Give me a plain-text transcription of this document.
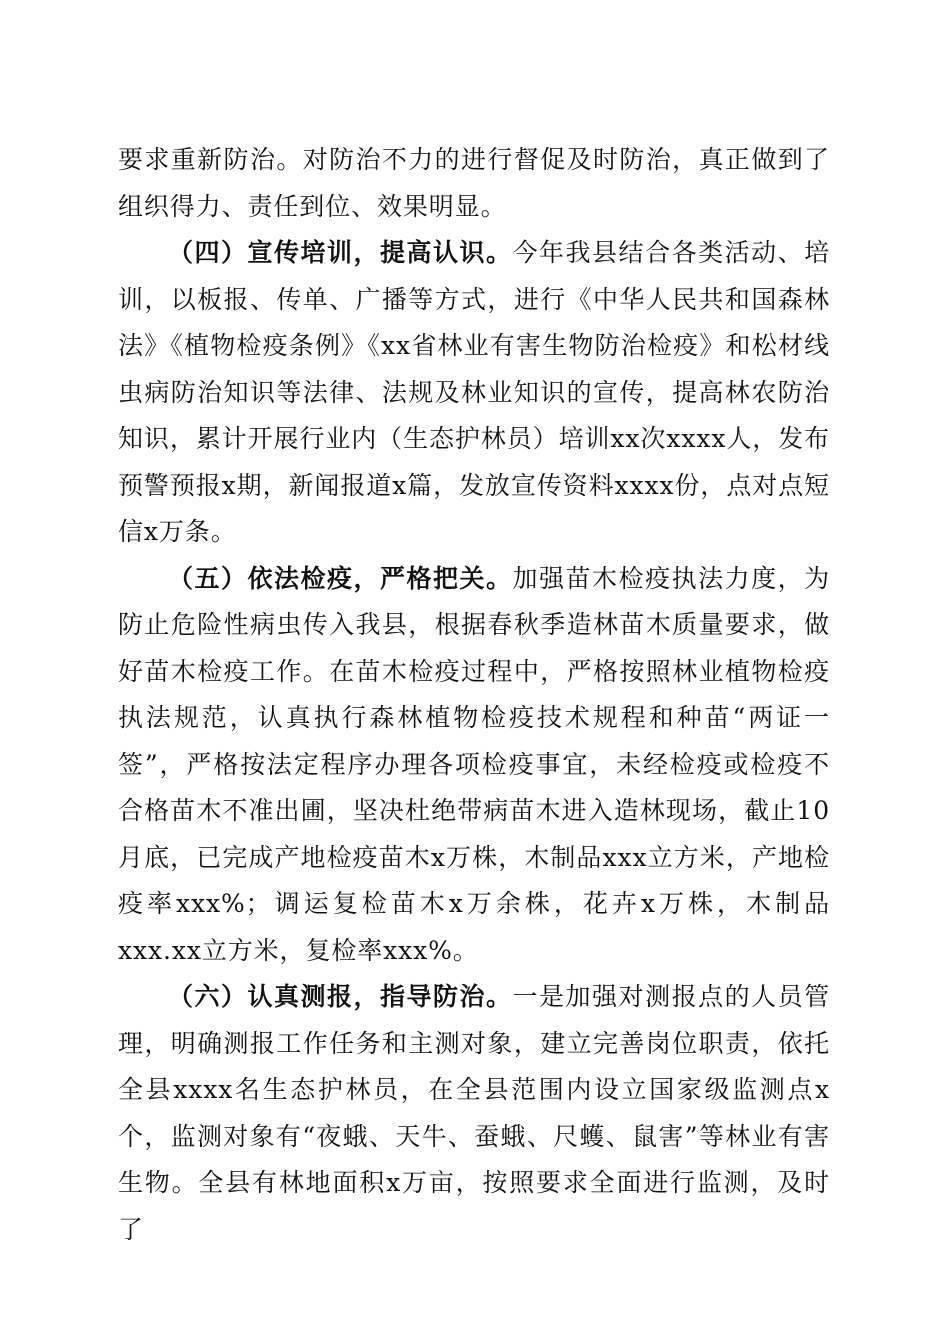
要求重新防治。对防治不力的进行督促及时防治，真正做到了组织得力、责任到位、效果明显。

（四）宣传培训，提高认识。今年我县结合各类活动、培训，以板报、传单、广播等方式，进行《中华人民共和国森林法》《植物检疫条例》《xx省林业有害生物防治检疫》和松材线虫病防治知识等法律、法规及林业知识的宣传，提高林农防治知识，累计开展行业内（生态护林员）培训xx次xxxx人，发布预警预报x期，新闻报道x篇，发放宣传资料xxxx份，点对点短信x万条。

（五）依法检疫，严格把关。加强苗木检疫执法力度，为防止危险性病虫传入我县，根据春秋季造林苗木质量要求，做好苗木检疫工作。在苗木检疫过程中，严格按照林业植物检疫执法规范，认真执行森林植物检疫技术规程和种苗“两证一签”，严格按法定程序办理各项检疫事宜，未经检疫或检疫不合格苗木不准出圃，坚决杜绝带病苗木进入造林现场，截止10月底，已完成产地检疫苗木x万株，木制品xxx立方米，产地检疫率xxx%；调运复检苗木x万余株，花卉x万株，木制品xxx.xx立方米，复检率xxx%。

（六）认真测报，指导防治。一是加强对测报点的人员管理，明确测报工作任务和主测对象，建立完善岗位职责，依托全县xxxx名生态护林员，在全县范围内设立国家级监测点x个，监测对象有“夜蛾、天牛、蚕蛾、尺蠖、鼠害”等林业有害生物。全县有林地面积x万亩，按照要求全面进行监测，及时了
